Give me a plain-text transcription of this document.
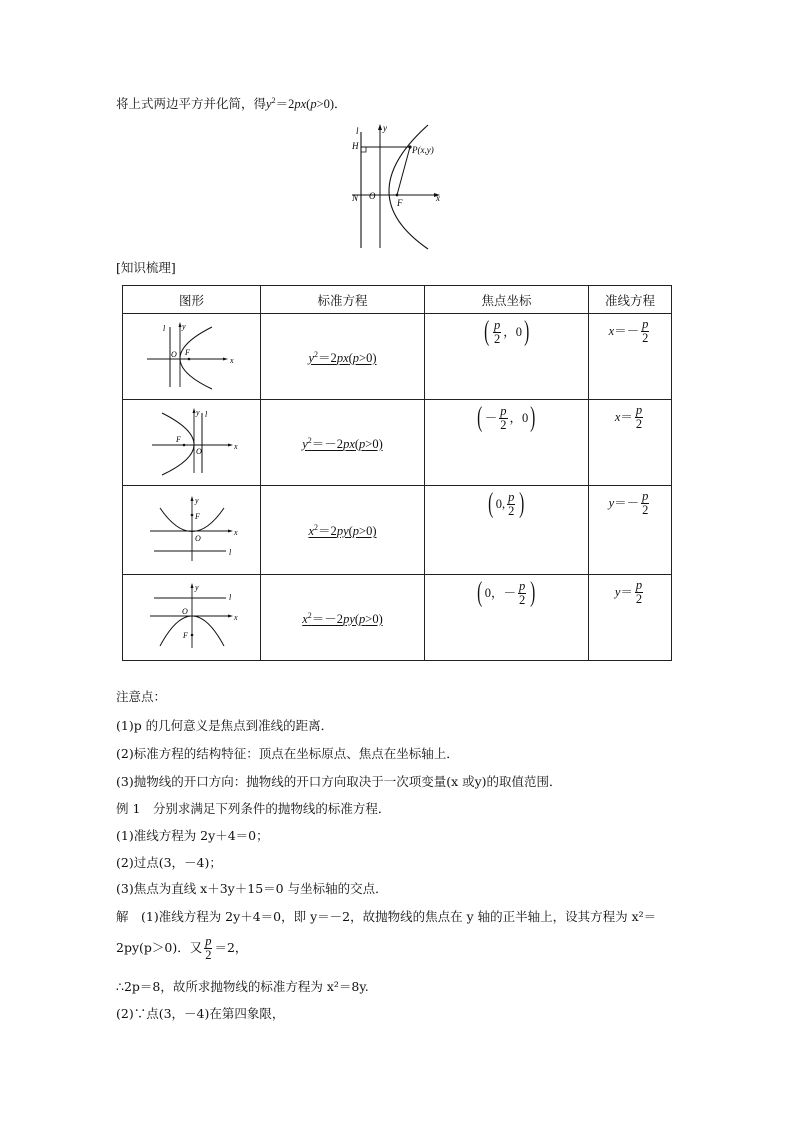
将上式两边平方并化简，得$y^2=2px(p>0)$．
l	y
H	P(x,y)
N O
F	x
[知识梳理]
图形	标准方程	焦点坐标	准线方程

l y
O F
x	$y^2=2px(p>0)$	( $\frac{p}{2}$ ，0)	$x=- \frac{p}{2}$

l
y
O
F
x	$y^2=-2px(p>0)$	( － $\frac{p}{2}$ ，0)	$x= \frac{p}{2}$

y
F
O
x
l	$x^2=2py(p>0)$	( 0, $\frac{p}{2}$ )	$y=- \frac{p}{2}$

y
l
O
x
F	$x^2=-2py(p>0)$	( 0，－ $\frac{p}{2}$ )	$y= \frac{p}{2}$
注意点：
(1)p 的几何意义是焦点到准线的距离．
(2)标准方程的结构特征：顶点在坐标原点、焦点在坐标轴上．
(3)抛物线的开口方向：抛物线的开口方向取决于一次项变量(x 或y)的取值范围．
例 1　分别求满足下列条件的抛物线的标准方程．
(1)准线方程为 2y＋4＝0；
(2)过点(3，－4)；
(3)焦点为直线 x＋3y＋15＝0 与坐标轴的交点．
解　(1)准线方程为 2y＋4＝0，即 y＝－2，故抛物线的焦点在 y 轴的正半轴上，设其方程为 x²＝
2py(p＞0)．又 $\frac{p}{2} =2$，
∴2p＝8，故所求抛物线的标准方程为 x²＝8y.
(2)∵点(3，－4)在第四象限，
